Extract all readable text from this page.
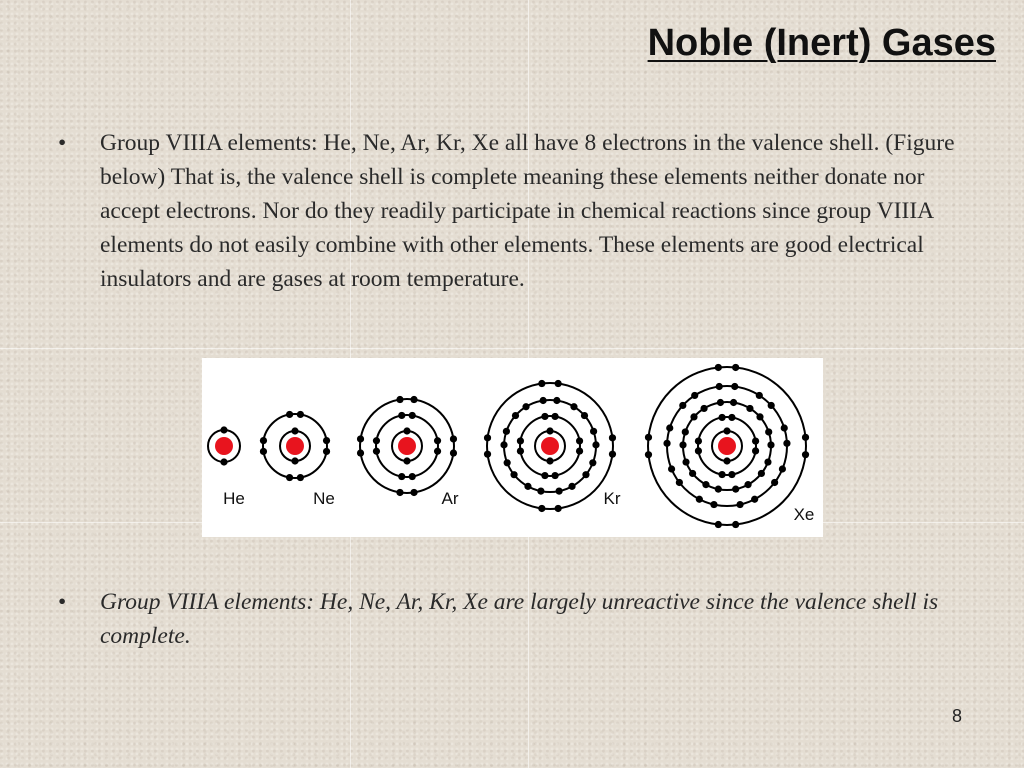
Noble (Inert) Gases
•	Group VIIIA elements: He, Ne, Ar, Kr, Xe all have 8 electrons in the valence shell. (Figure below) That is, the valence shell is complete meaning these elements neither donate nor accept electrons. Nor do they readily participate in chemical reactions since group VIIIA elements do not easily combine with other elements. These elements are good electrical insulators and are gases at room temperature.
He	Ne	Ar	Kr
Xe
•	Group VIIIA elements: He, Ne, Ar, Kr, Xe are largely unreactive since the valence shell is complete.
8
